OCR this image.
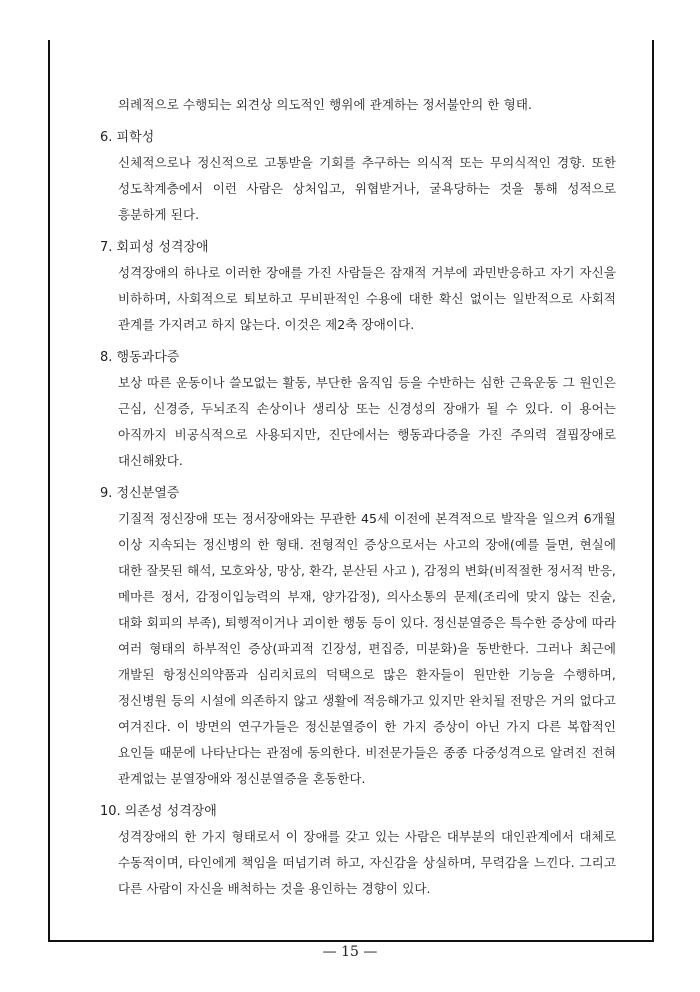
의례적으로 수행되는 외견상 의도적인 행위에 관계하는 정서불안의 한 형태.

6. 피학성

신체적으로나 정신적으로 고통받을 기회를 추구하는 의식적 또는 무의식적인 경향. 또한 성도착계층에서 이런 사람은 상처입고, 위협받거나, 굴욕당하는 것을 통해 성적으로 흥분하게 된다.

7. 회피성 성격장애

성격장애의 하나로 이러한 장애를 가진 사람들은 잠재적 거부에 과민반응하고 자기 자신을 비하하며, 사회적으로 퇴보하고 무비판적인 수용에 대한 확신 없이는 일반적으로 사회적 관계를 가지려고 하지 않는다. 이것은 제2축 장애이다.

8. 행동과다증

보상 따른 운동이나 쓸모없는 활동, 부단한 움직임 등을 수반하는 심한 근육운동 그 원인은 근심, 신경증, 두뇌조직 손상이나 생리상 또는 신경성의 장애가 될 수 있다. 이 용어는 아직까지 비공식적으로 사용되지만, 진단에서는 행동과다증을 가진 주의력 결핍장애로 대신해왔다.

9. 정신분열증

기질적 정신장애 또는 정서장애와는 무관한 45세 이전에 본격적으로 발작을 일으켜 6개월 이상 지속되는 정신병의 한 형태. 전형적인 증상으로서는 사고의 장애(예를 들면, 현실에 대한 잘못된 해석, 모호와상, 망상, 환각, 분산된 사고 ), 감정의 변화(비적절한 정서적 반응, 메마른 정서, 감정이입능력의 부재, 양가감정), 의사소통의 문제(조리에 맞지 않는 진술, 대화 회피의 부족), 퇴행적이거나 괴이한 행동 등이 있다. 정신분열증은 특수한 증상에 따라 여러 형태의 하부적인 증상(파괴적 긴장성, 편집증, 미분화)을 동반한다. 그러나 최근에 개발된 항정신의약품과 심리치료의 덕택으로 많은 환자들이 원만한 기능을 수행하며, 정신병원 등의 시설에 의존하지 않고 생활에 적응해가고 있지만 완치될 전망은 거의 없다고 여겨진다. 이 방면의 연구가들은 정신분열증이 한 가지 증상이 아닌 가지 다른 복합적인 요인들 때문에 나타난다는 관점에 동의한다. 비전문가들은 종종 다중성격으로 알려진 전혀 관계없는 분열장애와 정신분열증을 혼동한다.

10. 의존성 성격장애

성격장애의 한 가지 형태로서 이 장애를 갖고 있는 사람은 대부분의 대인관계에서 대체로 수동적이며, 타인에게 책임을 떠넘기려 하고, 자신감을 상실하며, 무력감을 느낀다. 그리고 다른 사람이 자신을 배척하는 것을 용인하는 경향이 있다.

— 15 —
